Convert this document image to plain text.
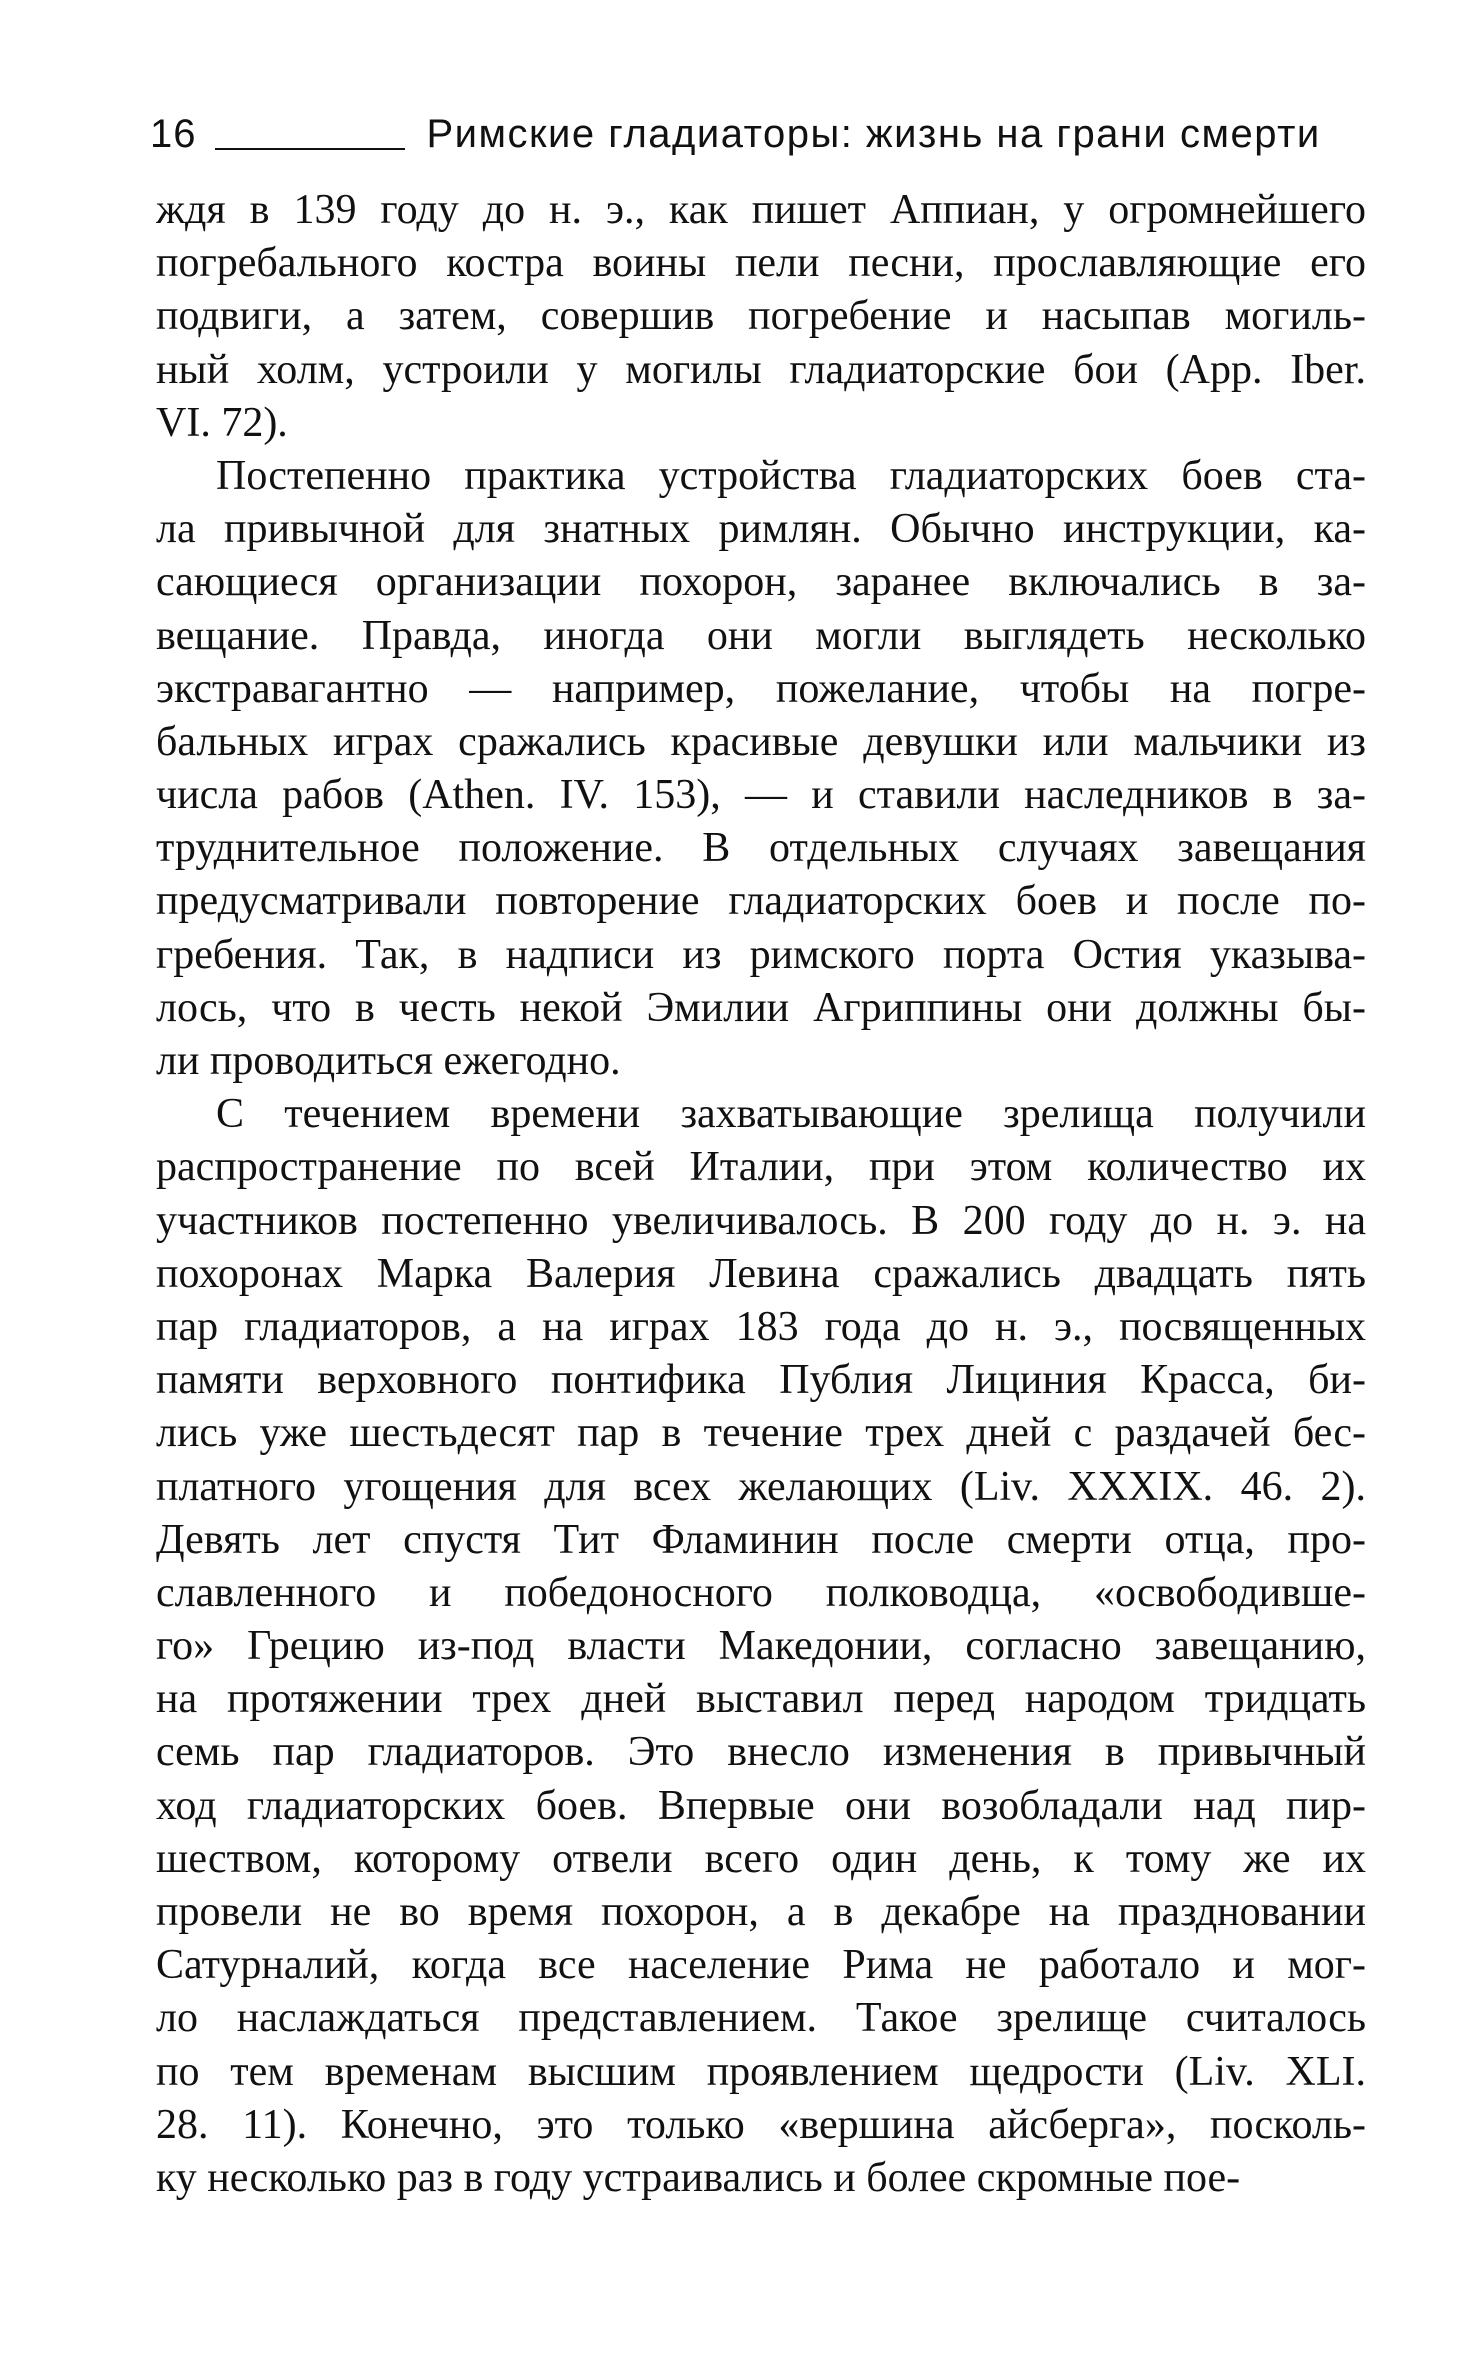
16	Римские гладиаторы: жизнь на грани смерти
ждя в 139 году до н. э., как пишет Аппиан, у огромнейшего
погребального костра воины пели песни, прославляющие его
подвиги, а затем, совершив погребение и насыпав могиль-
ный холм, устроили у могилы гладиаторские бои (App. Iber.
VI. 72).
Постепенно практика устройства гладиаторских боев ста-
ла привычной для знатных римлян. Обычно инструкции, ка-
сающиеся организации похорон, заранее включались в за-
вещание. Правда, иногда они могли выглядеть несколько
экстравагантно — например, пожелание, чтобы на погре-
бальных играх сражались красивые девушки или мальчики из
числа рабов (Athen. IV. 153), — и ставили наследников в за-
труднительное положение. В отдельных случаях завещания
предусматривали повторение гладиаторских боев и после по-
гребения. Так, в надписи из римского порта Остия указыва-
лось, что в честь некой Эмилии Агриппины они должны бы-
ли проводиться ежегодно.
С течением времени захватывающие зрелища получили
распространение по всей Италии, при этом количество их
участников постепенно увеличивалось. В 200 году до н. э. на
похоронах Марка Валерия Левина сражались двадцать пять
пар гладиаторов, а на играх 183 года до н. э., посвященных
памяти верховного понтифика Публия Лициния Красса, би-
лись уже шестьдесят пар в течение трех дней с раздачей бес-
платного угощения для всех желающих (Liv. XXXIX. 46. 2).
Девять лет спустя Тит Фламинин после смерти отца, про-
славленного и победоносного полководца, «освободивше-
го» Грецию из-под власти Македонии, согласно завещанию,
на протяжении трех дней выставил перед народом тридцать
семь пар гладиаторов. Это внесло изменения в привычный
ход гладиаторских боев. Впервые они возобладали над пир-
шеством, которому отвели всего один день, к тому же их
провели не во время похорон, а в декабре на праздновании
Сатурналий, когда все население Рима не работало и мог-
ло наслаждаться представлением. Такое зрелище считалось
по тем временам высшим проявлением щедрости (Liv. XLI.
28. 11). Конечно, это только «вершина айсберга», посколь-
ку несколько раз в году устраивались и более скромные пое-
